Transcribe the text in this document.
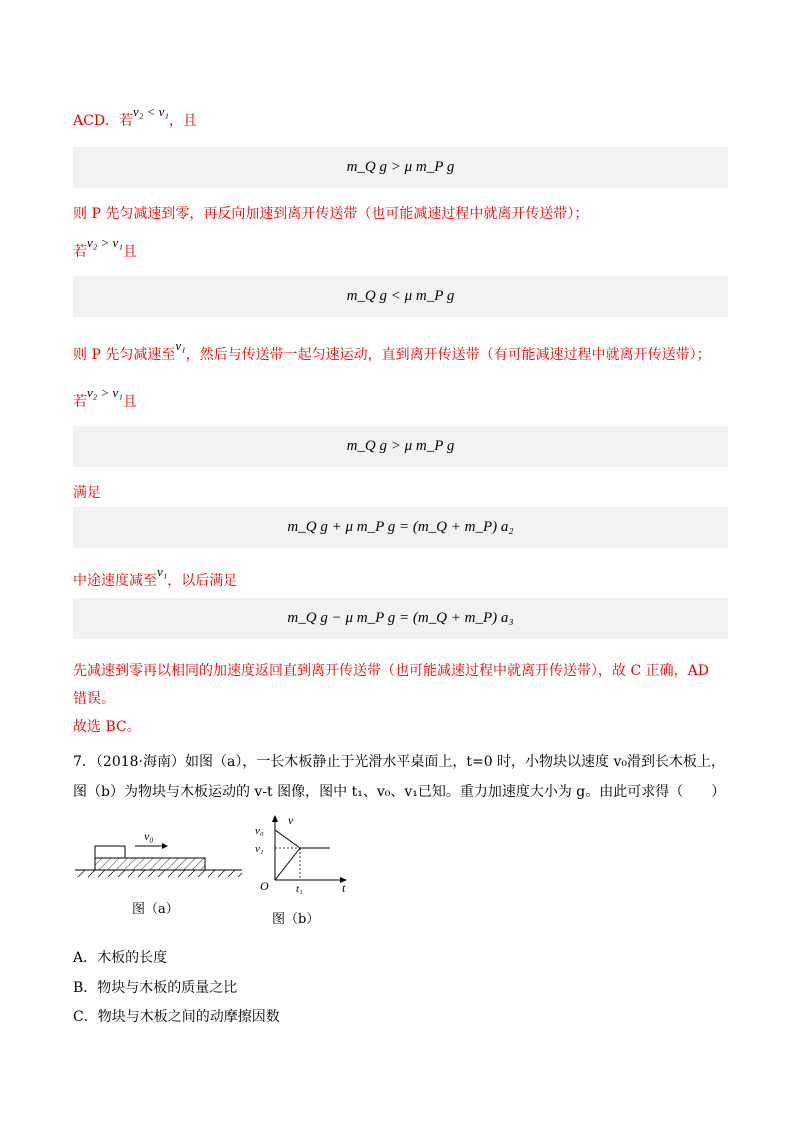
ACD．若v₂ < v₁，且
m_Q g > μ m_P g
则 P 先匀减速到零，再反向加速到离开传送带（也可能减速过程中就离开传送带）；
若v₂ > v₁且
m_Q g < μ m_P g
则 P 先匀减速至v₁，然后与传送带一起匀速运动，直到离开传送带（有可能减速过程中就离开传送带）；
若v₂ > v₁且
m_Q g > μ m_P g
满足
m_Q g + μ m_P g = (m_Q + m_P) a₂
中途速度减至v₁，以后满足
m_Q g − μ m_P g = (m_Q + m_P) a₃
先减速到零再以相同的加速度返回直到离开传送带（也可能减速过程中就离开传送带），故 C 正确，AD
错误。
故选 BC。
7．（2018·海南）如图（a），一长木板静止于光滑水平桌面上，t=0 时，小物块以速度 v₀滑到长木板上，
图（b）为物块与木板运动的 v-t 图像，图中 t₁、v₀、v₁已知。重力加速度大小为 g。由此可求得（　　）
v₀
图（a）
v
v₀
v₁
O t₁	t
图（b）
A．木板的长度
B．物块与木板的质量之比
C．物块与木板之间的动摩擦因数
